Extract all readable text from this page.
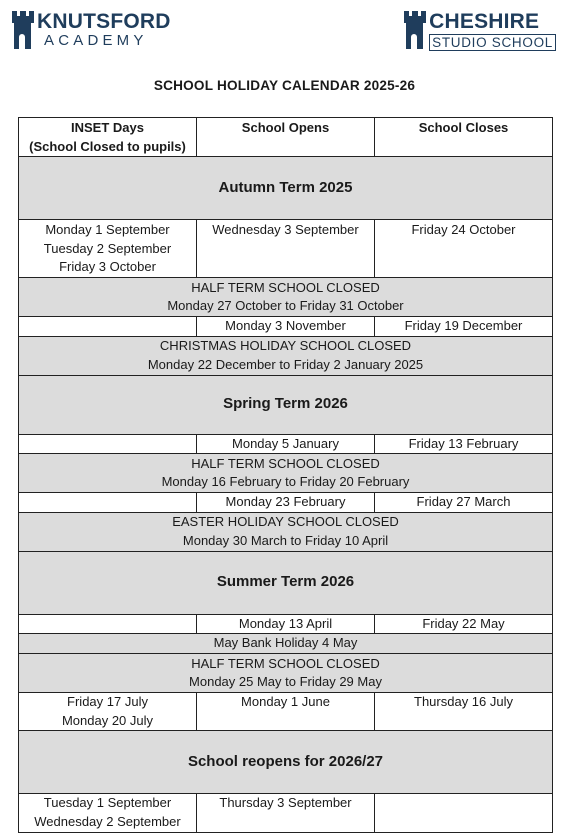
KNUTSFORD
ACADEMY
CHESHIRE
STUDIO SCHOOL
SCHOOL HOLIDAY CALENDAR 2025-26
INSET Days
(School Closed to pupils)	School Opens	School Closes
Autumn Term 2025		

Monday 1 September
Tuesday 2 September
Friday 3 October	Wednesday 3 September	Friday 24 October

HALF TERM SCHOOL CLOSED
Monday 27 October to Friday 31 October		

	Monday 3 November	Friday 19 December

CHRISTMAS HOLIDAY SCHOOL CLOSED
Monday 22 December to Friday 2 January 2025		

Spring Term 2026		
	Monday 5 January	Friday 13 February

HALF TERM SCHOOL CLOSED
Monday 16 February to Friday 20 February		

	Monday 23 February	Friday 27 March

EASTER HOLIDAY SCHOOL CLOSED
Monday 30 March to Friday 10 April		

Summer Term 2026		
	Monday 13 April	Friday 22 May
May Bank Holiday 4 May		

HALF TERM SCHOOL CLOSED
Monday 25 May to Friday 29 May		

Friday 17 July
Monday 20 July	Monday 1 June	Thursday 16 July
School reopens for 2026/27		

Tuesday 1 September
Wednesday 2 September	Thursday 3 September	
